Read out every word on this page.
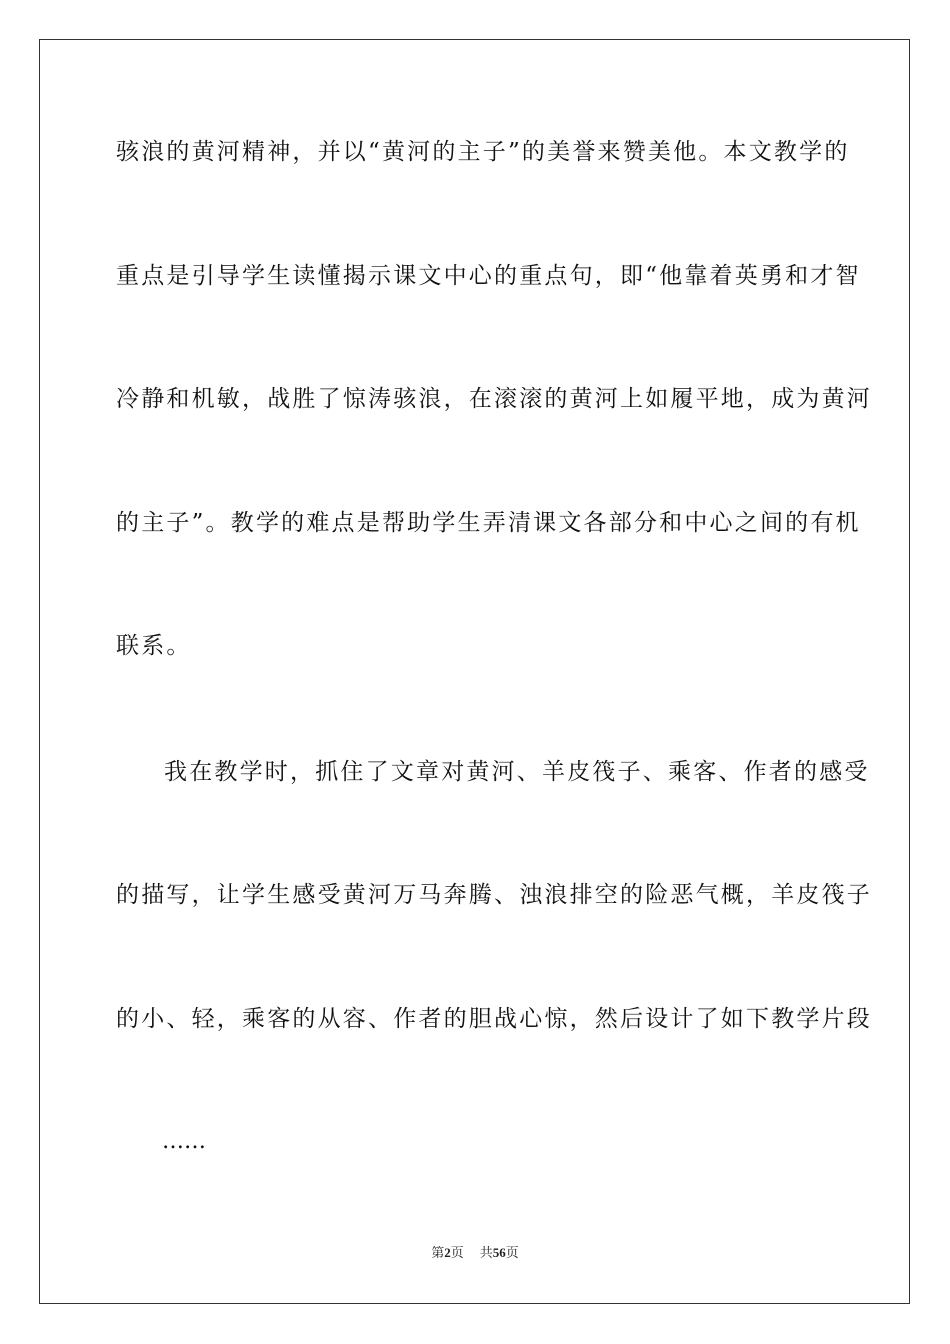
骇浪的黄河精神，并以“黄河的主子”的美誉来赞美他。本文教学的
重点是引导学生读懂揭示课文中心的重点句，即“他靠着英勇和才智
冷静和机敏，战胜了惊涛骇浪，在滚滚的黄河上如履平地，成为黄河
的主子”。教学的难点是帮助学生弄清课文各部分和中心之间的有机
联系。
我在教学时，抓住了文章对黄河、羊皮筏子、乘客、作者的感受
的描写，让学生感受黄河万马奔腾、浊浪排空的险恶气概，羊皮筏子
的小、轻，乘客的从容、作者的胆战心惊，然后设计了如下教学片段
……
第2页 共56页
